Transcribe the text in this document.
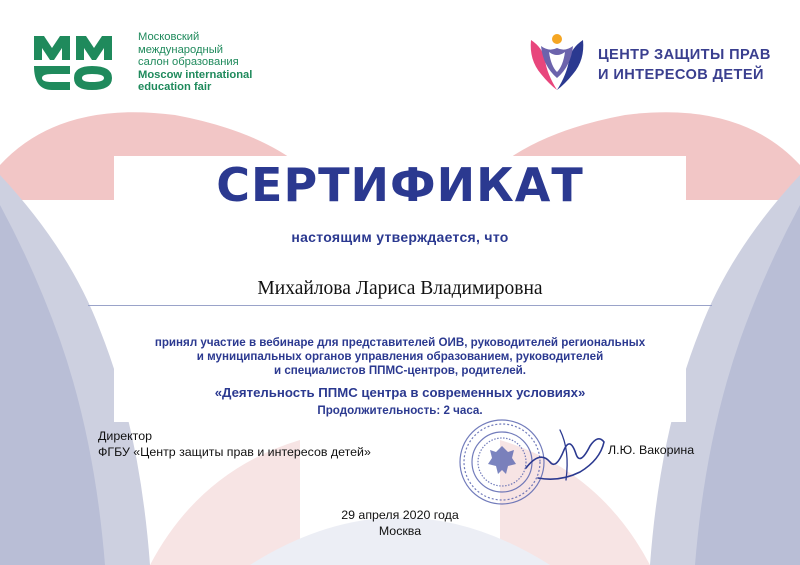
Московский
международный
салон образования
Moscow international
education fair
ЦЕНТР ЗАЩИТЫ ПРАВ
И ИНТЕРЕСОВ ДЕТЕЙ
СЕРТИФИКАТ
настоящим утверждается, что
Михайлова Лариса Владимировна
принял участие в вебинаре для представителей ОИВ, руководителей региональных
и муниципальных органов управления образованием, руководителей
и специалистов ППМС-центров, родителей.
«Деятельность ППМС центра в современных условиях»
Продолжительность: 2 часа.
Директор
ФГБУ «Центр защиты прав и интересов детей»	Л.Ю. Вакорина
29 апреля 2020 года
Москва
